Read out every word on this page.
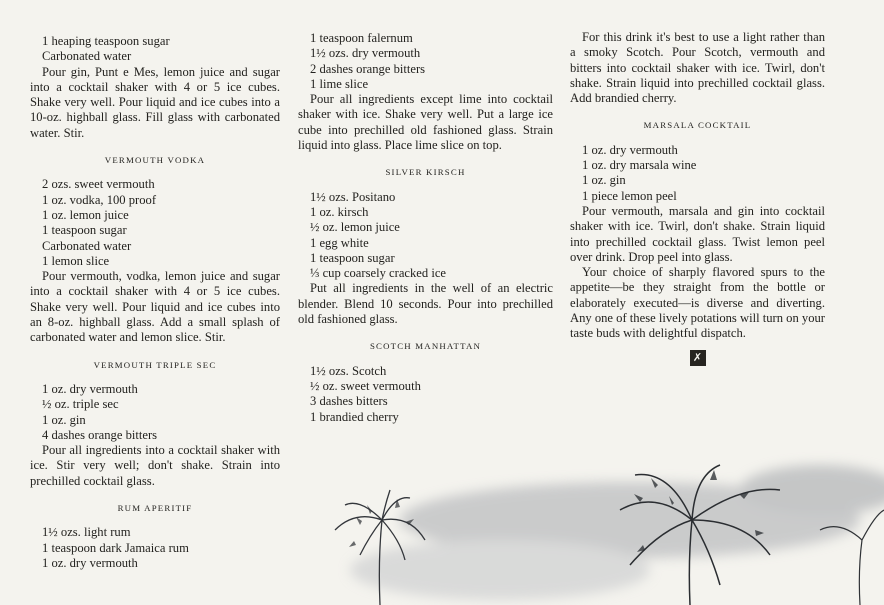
1 heaping teaspoon sugar
Carbonated water
Pour gin, Punt e Mes, lemon juice and sugar into a cocktail shaker with 4 or 5 ice cubes. Shake very well. Pour liquid and ice cubes into a 10-oz. highball glass. Fill glass with carbonated water. Stir.
VERMOUTH VODKA
2 ozs. sweet vermouth
1 oz. vodka, 100 proof
1 oz. lemon juice
1 teaspoon sugar
Carbonated water
1 lemon slice
Pour vermouth, vodka, lemon juice and sugar into a cocktail shaker with 4 or 5 ice cubes. Shake very well. Pour liquid and ice cubes into an 8-oz. highball glass. Add a small splash of carbonated water and lemon slice. Stir.
VERMOUTH TRIPLE SEC
1 oz. dry vermouth
½ oz. triple sec
1 oz. gin
4 dashes orange bitters
Pour all ingredients into a cocktail shaker with ice. Stir very well; don't shake. Strain into prechilled cocktail glass.
RUM APERITIF
1½ ozs. light rum
1 teaspoon dark Jamaica rum
1 oz. dry vermouth
1 teaspoon falernum
1½ ozs. dry vermouth
2 dashes orange bitters
1 lime slice
Pour all ingredients except lime into cocktail shaker with ice. Shake very well. Put a large ice cube into prechilled old fashioned glass. Strain liquid into glass. Place lime slice on top.
SILVER KIRSCH
1½ ozs. Positano
1 oz. kirsch
½ oz. lemon juice
1 egg white
1 teaspoon sugar
⅓ cup coarsely cracked ice
Put all ingredients in the well of an electric blender. Blend 10 seconds. Pour into prechilled old fashioned glass.
SCOTCH MANHATTAN
1½ ozs. Scotch
½ oz. sweet vermouth
3 dashes bitters
1 brandied cherry
For this drink it's best to use a light rather than a smoky Scotch. Pour Scotch, vermouth and bitters into cocktail shaker with ice. Twirl, don't shake. Strain liquid into prechilled cocktail glass. Add brandied cherry.
MARSALA COCKTAIL
1 oz. dry vermouth
1 oz. dry marsala wine
1 oz. gin
1 piece lemon peel
Pour vermouth, marsala and gin into cocktail shaker with ice. Twirl, don't shake. Strain liquid into prechilled cocktail glass. Twist lemon peel over drink. Drop peel into glass.
Your choice of sharply flavored spurs to the appetite—be they straight from the bottle or elaborately executed—is diverse and diverting. Any one of these lively potations will turn on your taste buds with delightful dispatch.
✗
